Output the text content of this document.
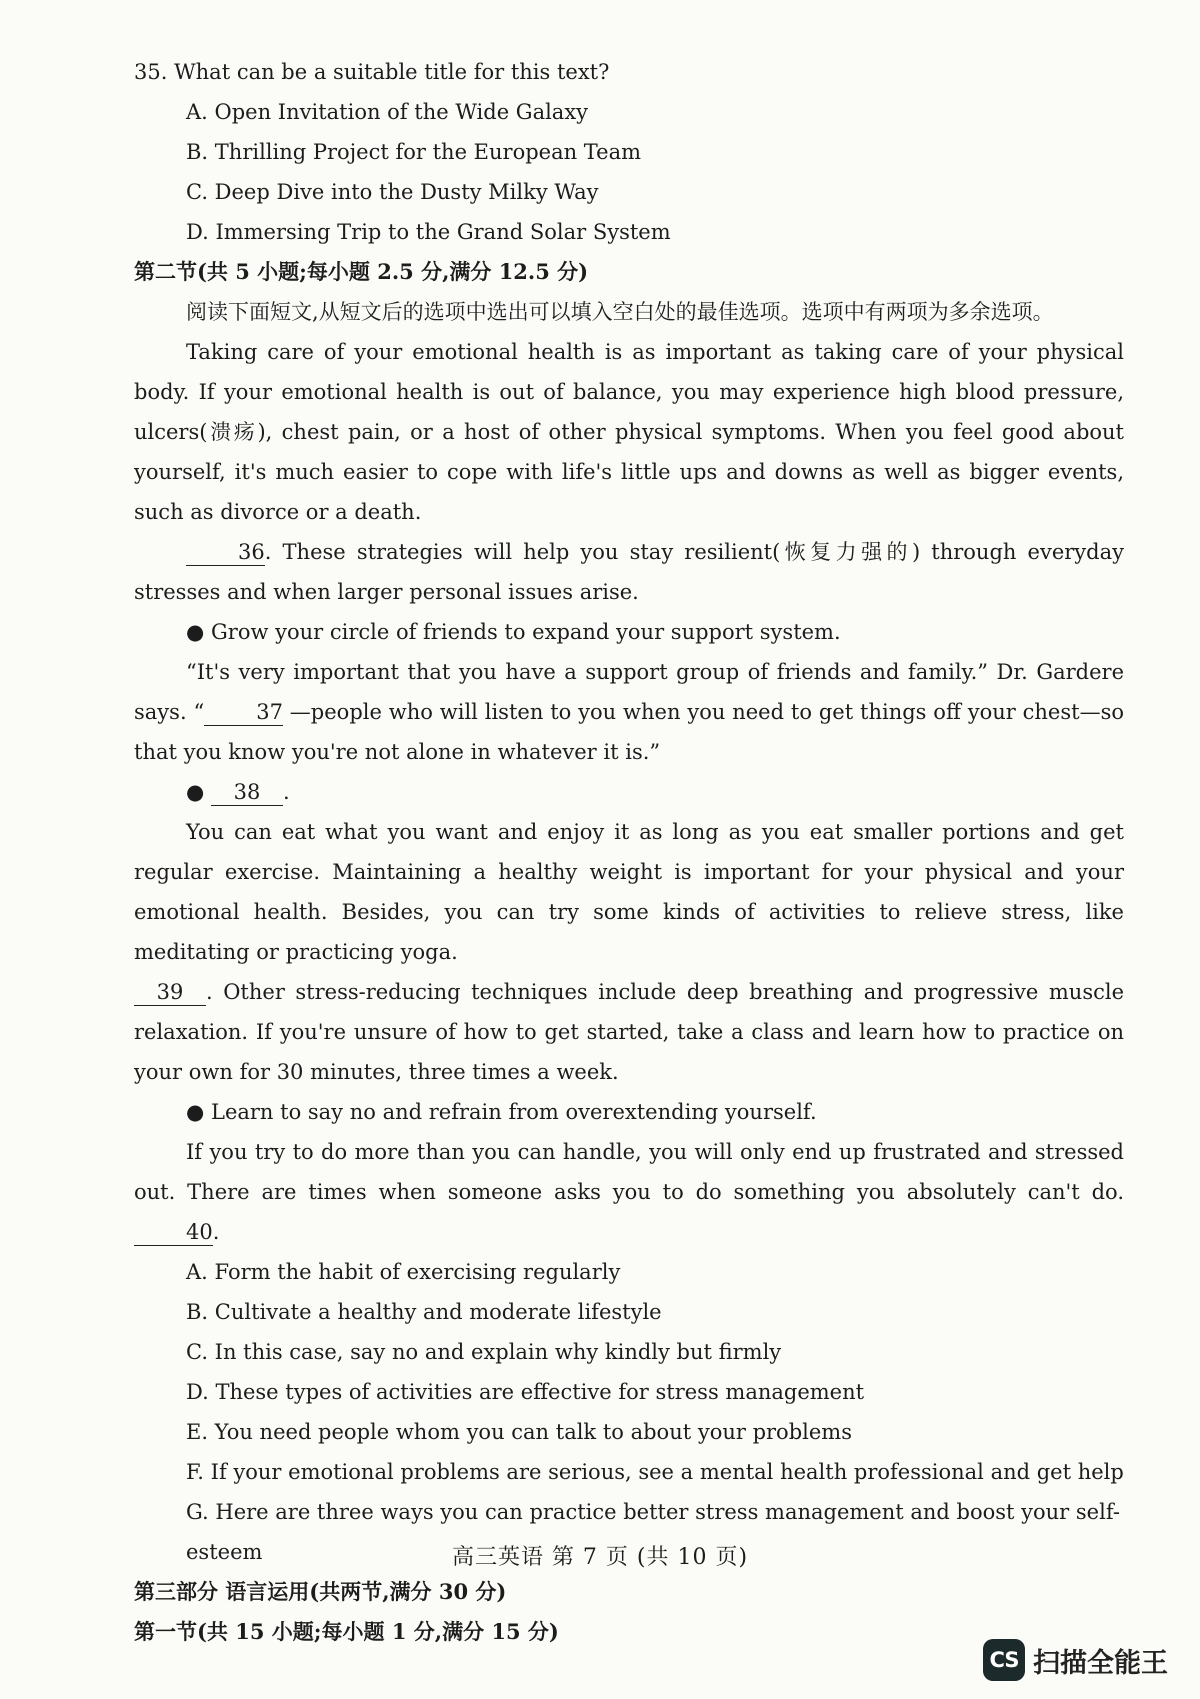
35. What can be a suitable title for this text?
A. Open Invitation of the Wide Galaxy
B. Thrilling Project for the European Team
C. Deep Dive into the Dusty Milky Way
D. Immersing Trip to the Grand Solar System
第二节(共 5 小题;每小题 2.5 分,满分 12.5 分)

阅读下面短文,从短文后的选项中选出可以填入空白处的最佳选项。选项中有两项为多余选项。

Taking care of your emotional health is as important as taking care of your physical body. If your emotional health is out of balance, you may experience high blood pressure, ulcers(溃疡), chest pain, or a host of other physical symptoms. When you feel good about yourself, it's much easier to cope with life's little ups and downs as well as bigger events, such as divorce or a death.

36. These strategies will help you stay resilient(恢复力强的) through everyday stresses and when larger personal issues arise.

● Grow your circle of friends to expand your support system.

“It's very important that you have a support group of friends and family.” Dr. Gardere says. “ 37 —people who will listen to you when you need to get things off your chest—so that you know you're not alone in whatever it is.”

● 38 .

You can eat what you want and enjoy it as long as you eat smaller portions and get regular exercise. Maintaining a healthy weight is important for your physical and your emotional health. Besides, you can try some kinds of activities to relieve stress, like meditating or practicing yoga.

39 . Other stress-reducing techniques include deep breathing and progressive muscle relaxation. If you're unsure of how to get started, take a class and learn how to practice on your own for 30 minutes, three times a week.

● Learn to say no and refrain from overextending yourself.

If you try to do more than you can handle, you will only end up frustrated and stressed out. There are times when someone asks you to do something you absolutely can't do. 40.

A. Form the habit of exercising regularly
B. Cultivate a healthy and moderate lifestyle
C. In this case, say no and explain why kindly but firmly
D. These types of activities are effective for stress management
E. You need people whom you can talk to about your problems
F. If your emotional problems are serious, see a mental health professional and get help
G. Here are three ways you can practice better stress management and boost your self-esteem
第三部分 语言运用(共两节,满分 30 分)
第一节(共 15 小题;每小题 1 分,满分 15 分)
高三英语 第 7 页 (共 10 页)
CS 扫描全能王
